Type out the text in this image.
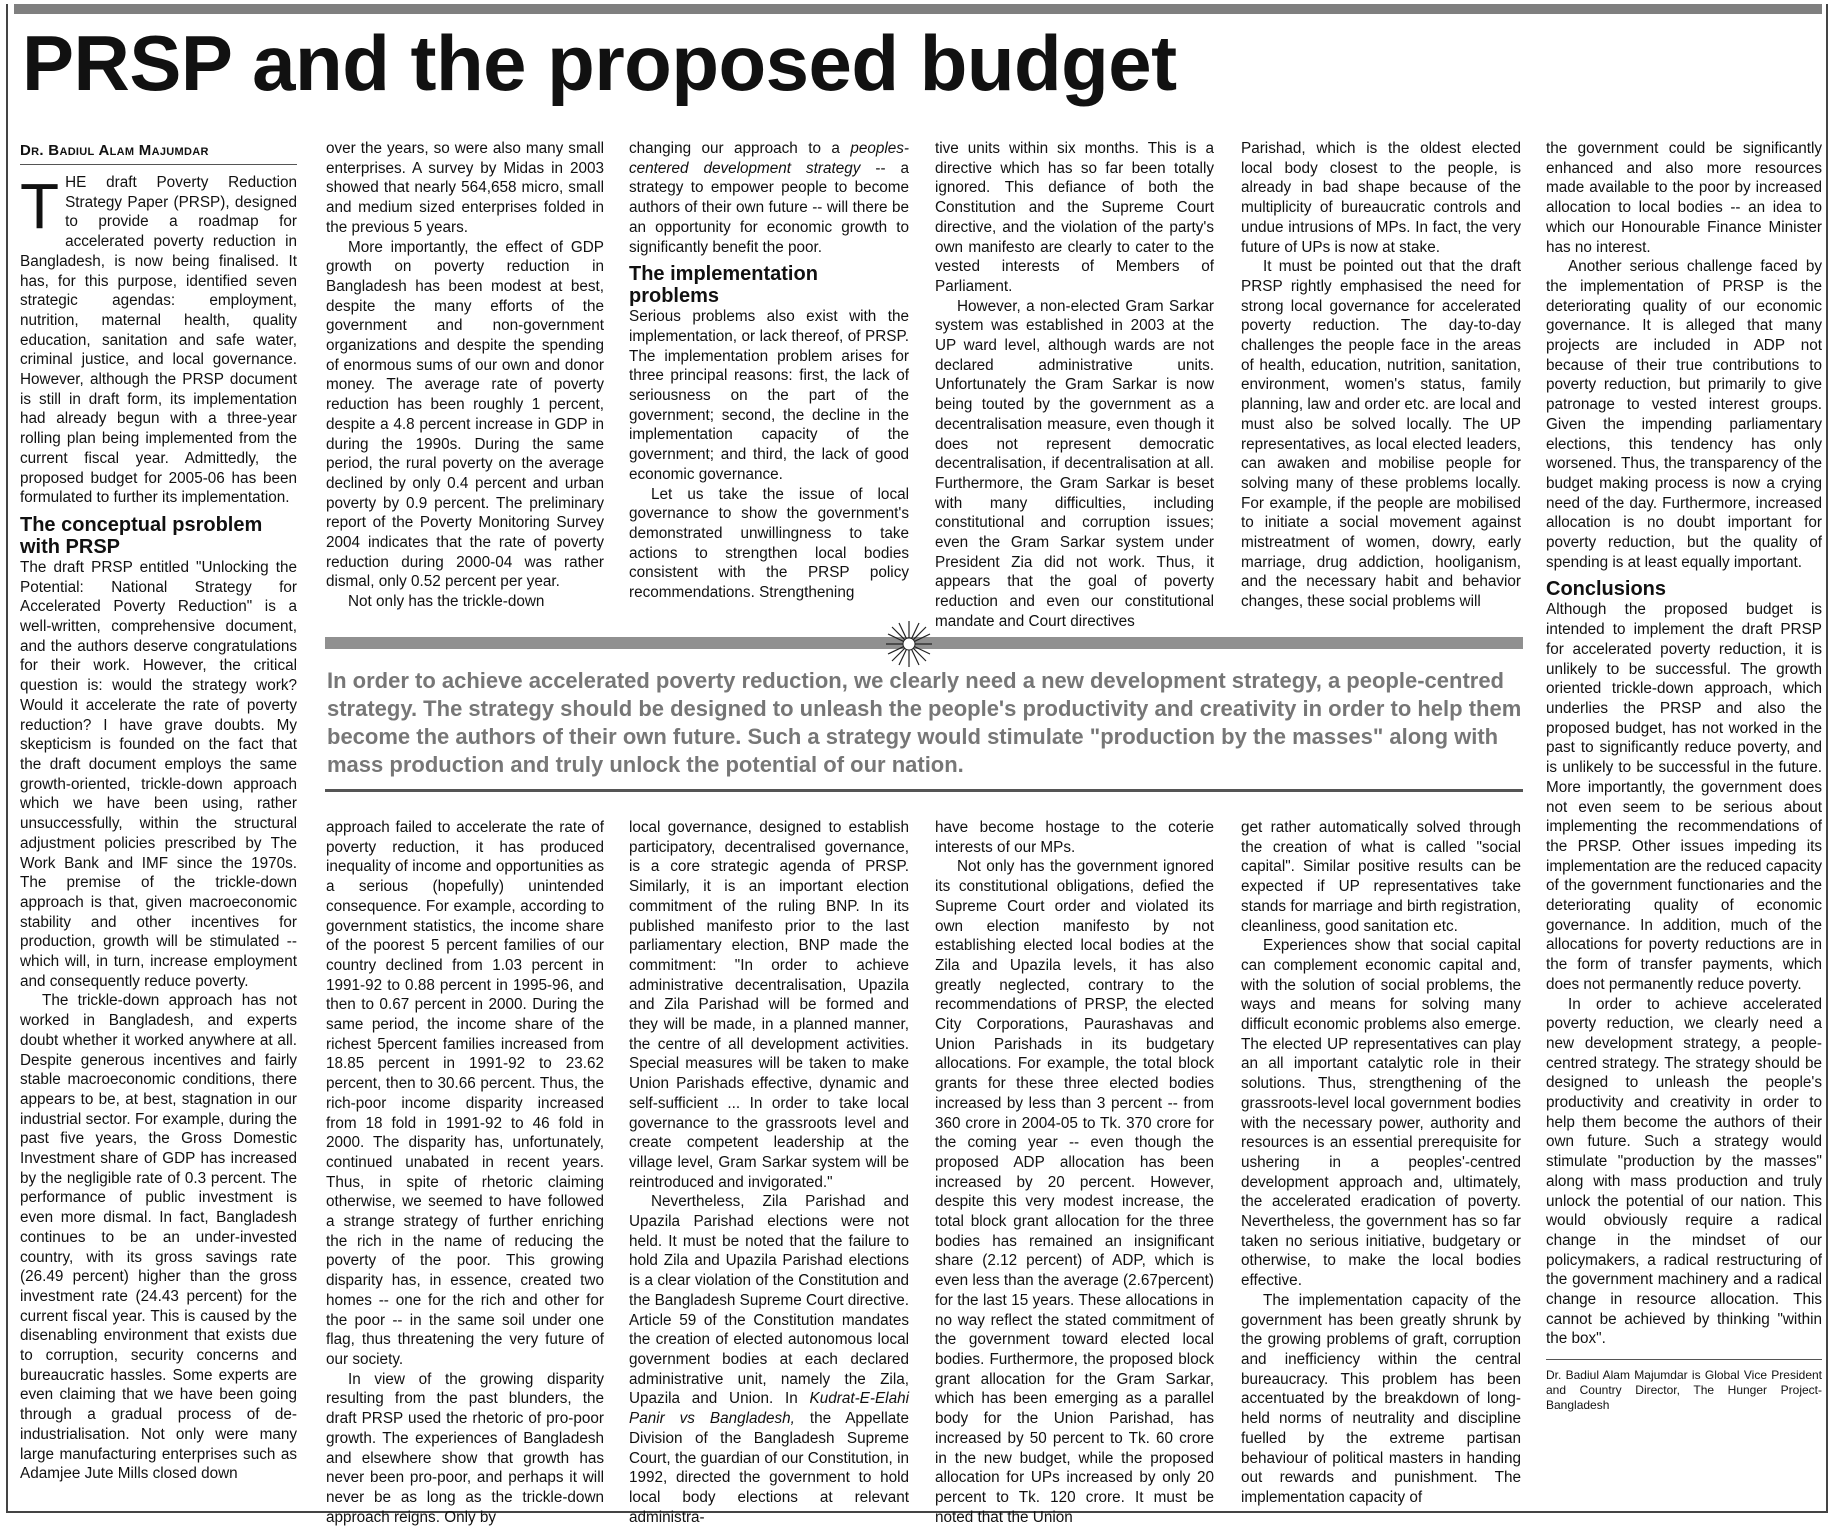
PRSP and the proposed budget
Dr. Badiul Alam Majumdar

THE draft Poverty Reduction Strategy Paper (PRSP), designed to provide a roadmap for accelerated poverty reduction in Bangladesh, is now being finalised. It has, for this purpose, identified seven strategic agendas: employment, nutrition, maternal health, quality education, sanitation and safe water, criminal justice, and local governance. However, although the PRSP document is still in draft form, its implementation had already begun with a three-year rolling plan being implemented from the current fiscal year. Admittedly, the proposed budget for 2005-06 has been formulated to further its implementation.

The conceptual psroblem with PRSP

The draft PRSP entitled "Unlocking the Potential: National Strategy for Accelerated Poverty Reduction" is a well-written, comprehensive document, and the authors deserve congratulations for their work. However, the critical question is: would the strategy work? Would it accelerate the rate of poverty reduction? I have grave doubts. My skepticism is founded on the fact that the draft document employs the same growth-oriented, trickle-down approach which we have been using, rather unsuccessfully, within the structural adjustment policies prescribed by The Work Bank and IMF since the 1970s. The premise of the trickle-down approach is that, given macroeconomic stability and other incentives for production, growth will be stimulated -- which will, in turn, increase employment and consequently reduce poverty.

The trickle-down approach has not worked in Bangladesh, and experts doubt whether it worked anywhere at all. Despite generous incentives and fairly stable macroeconomic conditions, there appears to be, at best, stagnation in our industrial sector. For example, during the past five years, the Gross Domestic Investment share of GDP has increased by the negligible rate of 0.3 percent. The performance of public investment is even more dismal. In fact, Bangladesh continues to be an under-invested country, with its gross savings rate (26.49 percent) higher than the gross investment rate (24.43 percent) for the current fiscal year. This is caused by the disenabling environment that exists due to corruption, security concerns and bureaucratic hassles. Some experts are even claiming that we have been going through a gradual process of de-industrialisation. Not only were many large manufacturing enterprises such as Adamjee Jute Mills closed down

over the years, so were also many small enterprises. A survey by Midas in 2003 showed that nearly 564,658 micro, small and medium sized enterprises folded in the previous 5 years.

More importantly, the effect of GDP growth on poverty reduction in Bangladesh has been modest at best, despite the many efforts of the government and non-government organizations and despite the spending of enormous sums of our own and donor money. The average rate of poverty reduction has been roughly 1 percent, despite a 4.8 percent increase in GDP in during the 1990s. During the same period, the rural poverty on the average declined by only 0.4 percent and urban poverty by 0.9 percent. The preliminary report of the Poverty Monitoring Survey 2004 indicates that the rate of poverty reduction during 2000-04 was rather dismal, only 0.52 percent per year.

Not only has the trickle-down

changing our approach to a peoples-centered development strategy -- a strategy to empower people to become authors of their own future -- will there be an opportunity for economic growth to significantly benefit the poor.

The implementation problems

Serious problems also exist with the implementation, or lack thereof, of PRSP. The implementation problem arises for three principal reasons: first, the lack of seriousness on the part of the government; second, the decline in the implementation capacity of the government; and third, the lack of good economic governance.

Let us take the issue of local governance to show the government's demonstrated unwillingness to take actions to strengthen local bodies consistent with the PRSP policy recommendations. Strengthening

tive units within six months. This is a directive which has so far been totally ignored. This defiance of both the Constitution and the Supreme Court directive, and the violation of the party's own manifesto are clearly to cater to the vested interests of Members of Parliament.

However, a non-elected Gram Sarkar system was established in 2003 at the UP ward level, although wards are not declared administrative units. Unfortunately the Gram Sarkar is now being touted by the government as a decentralisation measure, even though it does not represent democratic decentralisation, if decentralisation at all. Furthermore, the Gram Sarkar is beset with many difficulties, including constitutional and corruption issues; even the Gram Sarkar system under President Zia did not work. Thus, it appears that the goal of poverty reduction and even our constitutional mandate and Court directives

Parishad, which is the oldest elected local body closest to the people, is already in bad shape because of the multiplicity of bureaucratic controls and undue intrusions of MPs. In fact, the very future of UPs is now at stake.

It must be pointed out that the draft PRSP rightly emphasised the need for strong local governance for accelerated poverty reduction. The day-to-day challenges the people face in the areas of health, education, nutrition, sanitation, environment, women's status, family planning, law and order etc. are local and must also be solved locally. The UP representatives, as local elected leaders, can awaken and mobilise people for solving many of these problems locally. For example, if the people are mobilised to initiate a social movement against mistreatment of women, dowry, early marriage, drug addiction, hooliganism, and the necessary habit and behavior changes, these social problems will

In order to achieve accelerated poverty reduction, we clearly need a new development strategy, a people-centred strategy. The strategy should be designed to unleash the people's productivity and creativity in order to help them become the authors of their own future. Such a strategy would stimulate "production by the masses" along with mass production and truly unlock the potential of our nation.

approach failed to accelerate the rate of poverty reduction, it has produced inequality of income and opportunities as a serious (hopefully) unintended consequence. For example, according to government statistics, the income share of the poorest 5 percent families of our country declined from 1.03 percent in 1991-92 to 0.88 percent in 1995-96, and then to 0.67 percent in 2000. During the same period, the income share of the richest 5percent families increased from 18.85 percent in 1991-92 to 23.62 percent, then to 30.66 percent. Thus, the rich-poor income disparity increased from 18 fold in 1991-92 to 46 fold in 2000. The disparity has, unfortunately, continued unabated in recent years. Thus, in spite of rhetoric claiming otherwise, we seemed to have followed a strange strategy of further enriching the rich in the name of reducing the poverty of the poor. This growing disparity has, in essence, created two homes -- one for the rich and other for the poor -- in the same soil under one flag, thus threatening the very future of our society.

In view of the growing disparity resulting from the past blunders, the draft PRSP used the rhetoric of pro-poor growth. The experiences of Bangladesh and elsewhere show that growth has never been pro-poor, and perhaps it will never be as long as the trickle-down approach reigns. Only by

local governance, designed to establish participatory, decentralised governance, is a core strategic agenda of PRSP. Similarly, it is an important election commitment of the ruling BNP. In its published manifesto prior to the last parliamentary election, BNP made the commitment: "In order to achieve administrative decentralisation, Upazila and Zila Parishad will be formed and they will be made, in a planned manner, the centre of all development activities. Special measures will be taken to make Union Parishads effective, dynamic and self-sufficient ... In order to take local governance to the grassroots level and create competent leadership at the village level, Gram Sarkar system will be reintroduced and invigorated."

Nevertheless, Zila Parishad and Upazila Parishad elections were not held. It must be noted that the failure to hold Zila and Upazila Parishad elections is a clear violation of the Constitution and the Bangladesh Supreme Court directive. Article 59 of the Constitution mandates the creation of elected autonomous local government bodies at each declared administrative unit, namely the Zila, Upazila and Union. In Kudrat-E-Elahi Panir vs Bangladesh, the Appellate Division of the Bangladesh Supreme Court, the guardian of our Constitution, in 1992, directed the government to hold local body elections at relevant administra-

have become hostage to the coterie interests of our MPs.

Not only has the government ignored its constitutional obligations, defied the Supreme Court order and violated its own election manifesto by not establishing elected local bodies at the Zila and Upazila levels, it has also greatly neglected, contrary to the recommendations of PRSP, the elected City Corporations, Paurashavas and Union Parishads in its budgetary allocations. For example, the total block grants for these three elected bodies increased by less than 3 percent -- from 360 crore in 2004-05 to Tk. 370 crore for the coming year -- even though the proposed ADP allocation has been increased by 20 percent. However, despite this very modest increase, the total block grant allocation for the three bodies has remained an insignificant share (2.12 percent) of ADP, which is even less than the average (2.67percent) for the last 15 years. These allocations in no way reflect the stated commitment of the government toward elected local bodies. Furthermore, the proposed block grant allocation for the Gram Sarkar, which has been emerging as a parallel body for the Union Parishad, has increased by 50 percent to Tk. 60 crore in the new budget, while the proposed allocation for UPs increased by only 20 percent to Tk. 120 crore. It must be noted that the Union

get rather automatically solved through the creation of what is called "social capital". Similar positive results can be expected if UP representatives take stands for marriage and birth registration, cleanliness, good sanitation etc.

Experiences show that social capital can complement economic capital and, with the solution of social problems, the ways and means for solving many difficult economic problems also emerge. The elected UP representatives can play an all important catalytic role in their solutions. Thus, strengthening of the grassroots-level local government bodies with the necessary power, authority and resources is an essential prerequisite for ushering in a peoples'-centred development approach and, ultimately, the accelerated eradication of poverty. Nevertheless, the government has so far taken no serious initiative, budgetary or otherwise, to make the local bodies effective.

The implementation capacity of the government has been greatly shrunk by the growing problems of graft, corruption and inefficiency within the central bureaucracy. This problem has been accentuated by the breakdown of long-held norms of neutrality and discipline fuelled by the extreme partisan behaviour of political masters in handing out rewards and punishment. The implementation capacity of

the government could be significantly enhanced and also more resources made available to the poor by increased allocation to local bodies -- an idea to which our Honourable Finance Minister has no interest.

Another serious challenge faced by the implementation of PRSP is the deteriorating quality of our economic governance. It is alleged that many projects are included in ADP not because of their true contributions to poverty reduction, but primarily to give patronage to vested interest groups. Given the impending parliamentary elections, this tendency has only worsened. Thus, the transparency of the budget making process is now a crying need of the day. Furthermore, increased allocation is no doubt important for poverty reduction, but the quality of spending is at least equally important.

Conclusions

Although the proposed budget is intended to implement the draft PRSP for accelerated poverty reduction, it is unlikely to be successful. The growth oriented trickle-down approach, which underlies the PRSP and also the proposed budget, has not worked in the past to significantly reduce poverty, and is unlikely to be successful in the future. More importantly, the government does not even seem to be serious about implementing the recommendations of the PRSP. Other issues impeding its implementation are the reduced capacity of the government functionaries and the deteriorating quality of economic governance. In addition, much of the allocations for poverty reductions are in the form of transfer payments, which does not permanently reduce poverty.

In order to achieve accelerated poverty reduction, we clearly need a new development strategy, a people-centred strategy. The strategy should be designed to unleash the people's productivity and creativity in order to help them become the authors of their own future. Such a strategy would stimulate "production by the masses" along with mass production and truly unlock the potential of our nation. This would obviously require a radical change in the mindset of our policymakers, a radical restructuring of the government machinery and a radical change in resource allocation. This cannot be achieved by thinking "within the box".

Dr. Badiul Alam Majumdar is Global Vice President and Country Director, The Hunger Project-Bangladesh
